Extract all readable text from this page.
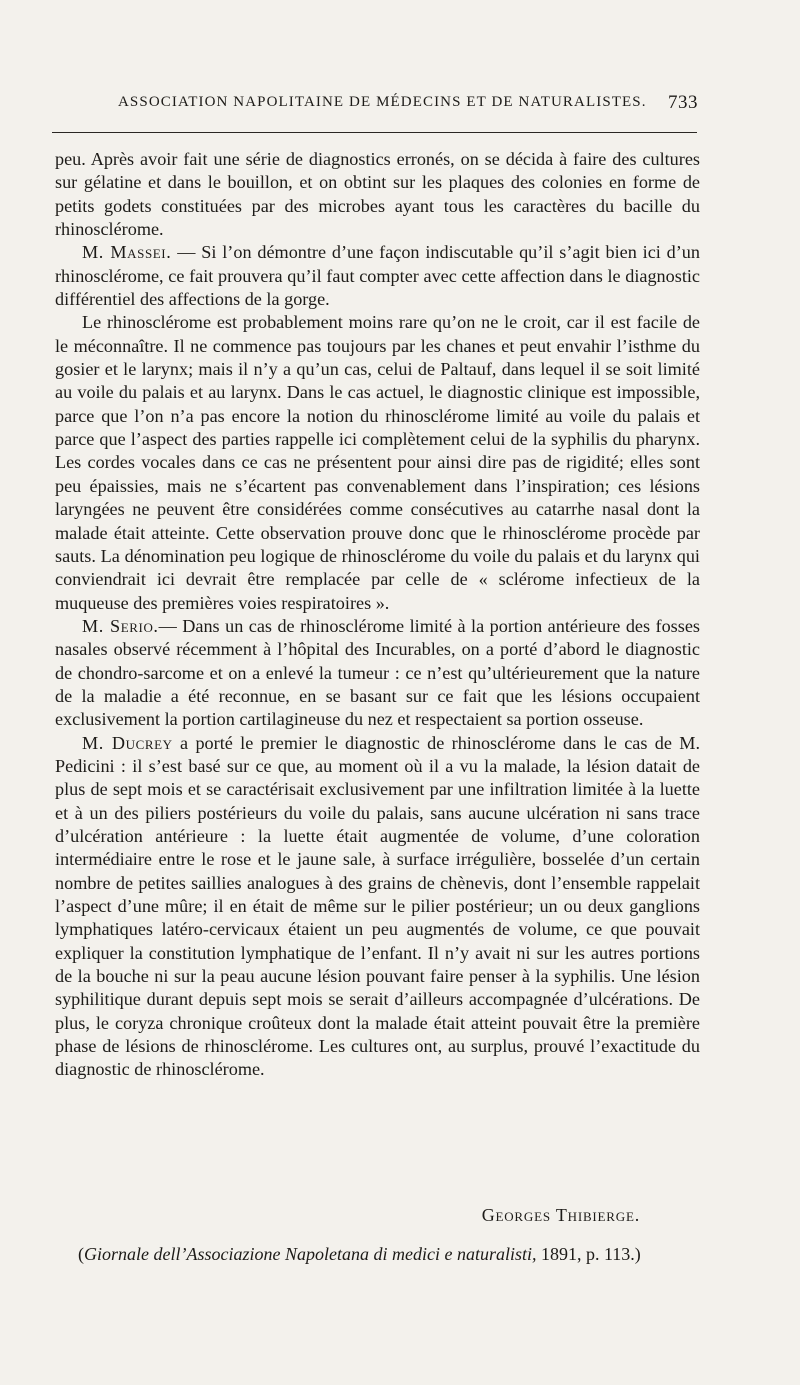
ASSOCIATION NAPOLITAINE DE MÉDECINS ET DE NATURALISTES. 733

peu. Après avoir fait une série de diagnostics erronés, on se décida à faire des cultures sur gélatine et dans le bouillon, et on obtint sur les plaques des colonies en forme de petits godets constituées par des microbes ayant tous les caractères du bacille du rhinosclérome.

M. Massei. — Si l’on démontre d’une façon indiscutable qu’il s’agit bien ici d’un rhinosclérome, ce fait prouvera qu’il faut compter avec cette affection dans le diagnostic différentiel des affections de la gorge.

Le rhinosclérome est probablement moins rare qu’on ne le croit, car il est facile de le méconnaître. Il ne commence pas toujours par les chanes et peut envahir l’isthme du gosier et le larynx; mais il n’y a qu’un cas, celui de Paltauf, dans lequel il se soit limité au voile du palais et au larynx. Dans le cas actuel, le diagnostic clinique est impossible, parce que l’on n’a pas encore la notion du rhinosclérome limité au voile du palais et parce que l’aspect des parties rappelle ici complètement celui de la syphilis du pharynx. Les cordes vocales dans ce cas ne présentent pour ainsi dire pas de rigidité; elles sont peu épaissies, mais ne s’écartent pas convenablement dans l’inspiration; ces lésions laryngées ne peuvent être considérées comme consécutives au catarrhe nasal dont la malade était atteinte. Cette observation prouve donc que le rhinosclérome procède par sauts. La dénomination peu logique de rhinosclérome du voile du palais et du larynx qui conviendrait ici devrait être remplacée par celle de « sclérome infectieux de la muqueuse des premières voies respiratoires ».

M. Serio.— Dans un cas de rhinosclérome limité à la portion antérieure des fosses nasales observé récemment à l’hôpital des Incurables, on a porté d’abord le diagnostic de chondro-sarcome et on a enlevé la tumeur : ce n’est qu’ultérieurement que la nature de la maladie a été reconnue, en se basant sur ce fait que les lésions occupaient exclusivement la portion cartilagineuse du nez et respectaient sa portion osseuse.

M. Ducrey a porté le premier le diagnostic de rhinosclérome dans le cas de M. Pedicini : il s’est basé sur ce que, au moment où il a vu la malade, la lésion datait de plus de sept mois et se caractérisait exclusivement par une infiltration limitée à la luette et à un des piliers postérieurs du voile du palais, sans aucune ulcération ni sans trace d’ulcération antérieure : la luette était augmentée de volume, d’une coloration intermédiaire entre le rose et le jaune sale, à surface irrégulière, bosselée d’un certain nombre de petites saillies analogues à des grains de chènevis, dont l’ensemble rappelait l’aspect d’une mûre; il en était de même sur le pilier postérieur; un ou deux ganglions lymphatiques latéro-cervicaux étaient un peu augmentés de volume, ce que pouvait expliquer la constitution lymphatique de l’enfant. Il n’y avait ni sur les autres portions de la bouche ni sur la peau aucune lésion pouvant faire penser à la syphilis. Une lésion syphilitique durant depuis sept mois se serait d’ailleurs accompagnée d’ulcérations. De plus, le coryza chronique croûteux dont la malade était atteint pouvait être la première phase de lésions de rhinosclérome. Les cultures ont, au surplus, prouvé l’exactitude du diagnostic de rhinosclérome.

Georges Thibierge.
(Giornale dell’Associazione Napoletana di medici e naturalisti, 1891, p. 113.)
